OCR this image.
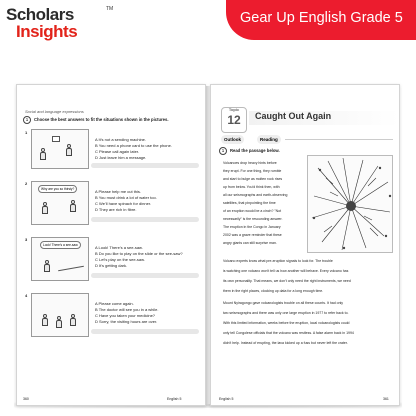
Scholars
Insights
TM
Gear Up English Grade 5
Social and language expressions
1	Choose the best answers to fit the situations shown in the pictures.
1
A It's not a sending machine.
B You need a phone card to use the phone.
C Please call again later.
D Just leave him a message.
2
Why are you so thirsty?	A Please help me cut this.
B You must drink a lot of water too.
C We'll have spinach for dinner.
D They are rich in fibre.
3
Look! There's a see-saw.	A Look! There's a see-saw.
B Do you like to play on the slide or the see-saw?
C Let's play on the see-saw.
D It's getting dark.
4
A Please come again.
B The doctor will see you in a while.
C Have you taken your medicine?
D Sorry, the visiting hours are over.
360	English 5
Topic
12	Caught Out Again
Outlook	Reading
1	Read the passage below.
Volcanoes drop heavy hints before
they erupt. For one thing, they rumble
and start to bulge as molten rock rises
up from below. You'd think then, with
all our seismographs and earth-observing
satellites, that pinpointing the time
of an eruption would be a cinch? "Not
necessarily" is the resounding answer.
The eruption in the Congo in January
2002 was a grave reminder that these
angry giants can still surprise man.
Volcano experts know what pre-eruption signals to look for. The trouble
is watching one volcano won't tell us how another will behave. Every volcano has
its own personality. That means, we don't only need the right instruments, we need
them in the right places, clocking up data for a long enough time.
Mount Nyiragongo gave volcanologists trouble on all these counts. It had only
two seismographs and there was only one large eruption in 1977 to refer back to.
With this limited information, weeks before the eruption, local volcanologists could
only tell Congolese officials that the volcano was restless. A false alarm back in 1994
didn't help. Instead of erupting, the lava kicked up a fuss but never left the crater.
English 5	361
